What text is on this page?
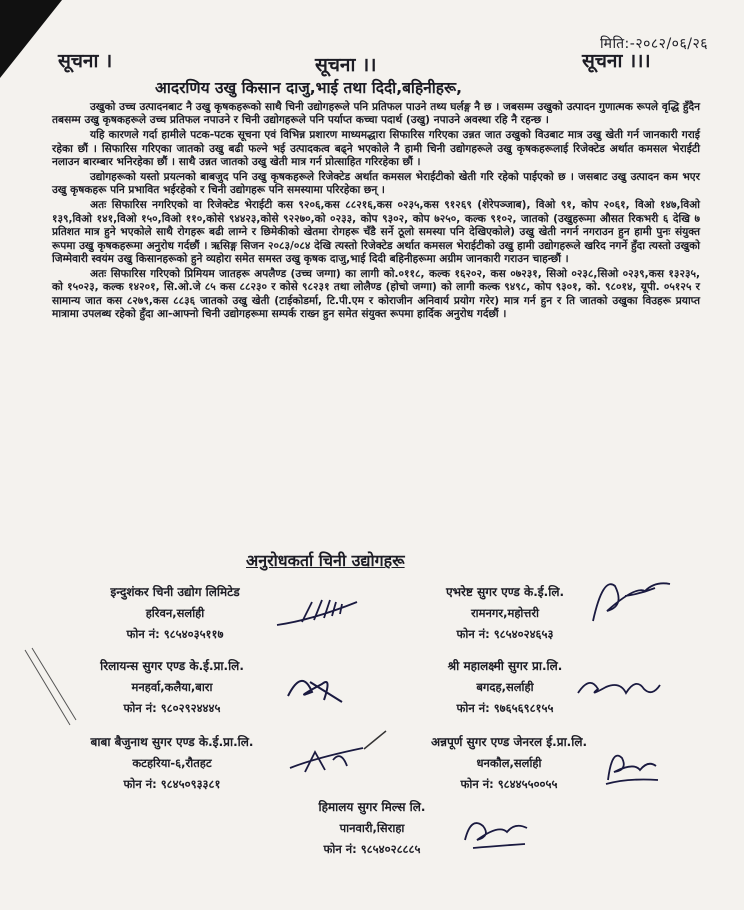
मिति:-२०८२/०६/२६
सूचना ।	सूचना ।।	सूचना ।।।
आदरणिय उखु किसान दाजु,भाई तथा दिदी,बहिनीहरू,

उखुको उच्च उत्पादनबाट नै उखु कृषकहरूको साथै चिनी उद्योगहरूले पनि प्रतिफल पाउने तथ्य घर्लङ्ग नै छ । जबसम्म उखुको उत्पादन गुणात्मक रूपले वृद्धि हुँदैन तबसम्म उखु कृषकहरूले उच्च प्रतिफल नपाउने र चिनी उद्योगहरूले पनि पर्याप्त कच्चा पदार्थ (उखु) नपाउने अवस्था रहि नै रहन्छ ।

यहि कारणले गर्दा हामीले पटक-पटक सूचना एवं विभिन्न प्रशारण माध्यमद्धारा सिफारिस गरिएका उन्नत जात उखुको विउबाट मात्र उखु खेती गर्न जानकारी गराई रहेका छौं । सिफारिस गरिएका जातको उखु बढी फल्ने भई उत्पादकत्व बढ्ने भएकोले नै हामी चिनी उद्योगहरूले उखु कृषकहरूलाई रिजेक्टेड अर्थात कमसल भेराईटी नलाउन बारम्बार भनिरहेका छौं । साथै उन्नत जातको उखु खेती मात्र गर्न प्रोत्साहित गरिरहेका छौं ।

उद्योगहरूको यस्तो प्रयत्नको बाबजुद पनि उखु कृषकहरूले रिजेक्टेड अर्थात कमसल भेराईटीको खेती गरि रहेको पाईएको छ । जसबाट उखु उत्पादन कम भएर उखु कृषकहरू पनि प्रभावित भईरहेको र चिनी उद्योगहरू पनि समस्यामा परिरहेका छन् ।

अतः सिफारिस नगरिएको वा रिजेक्टेड भेराईटी कस ९२०६,कस ८८२१६,कस ०२३५,कस ९१२६९ (शेरेपञ्जाब), विओ ९१, कोप २०६१, विओ १४७,विओ १३९,विओ १४१,विओ १५०,विओ ११०,कोसे ९४४२३,कोसे ९२२७०,को ०२३३, कोप ९३०२, कोप ७२५०, कल्क ९१०२, जातको (उखुहरूमा औसत रिकभरी ६ देखि ७ प्रतिशत मात्र हुने भएकोले साथै रोगहरू बढी लाग्ने र छिमेकीको खेतमा रोगहरू चँडै सर्ने ठूलो समस्या पनि देखिएकोले) उखु खेती नगर्न नगराउन हुन हामी पुनः संयुक्त रूपमा उखु कृषकहरूमा अनुरोध गर्दछौं । ऋसिङ्ग सिजन २०८३/०८४ देखि त्यस्तो रिजेक्टेड अर्थात कमसल भेराईटीको उखु हामी उद्योगहरूले खरिद नगर्ने हुँदा त्यस्तो उखुको जिम्मेवारी स्वयंम उखु किसानहरूको हुने व्यहोरा समेत समस्त उखु कृषक दाजु,भाई दिदी बहिनीहरूमा अग्रीम जानकारी गराउन चाहन्छौं ।

अतः सिफारिस गरिएको प्रिमियम जातहरू अपलैण्ड (उच्च जग्गा) का लागी को.०११८, कल्क १६२०२, कस ०७२३१, सिओ ०२३८,सिओ ०२३९,कस १३२३५, को १५०२३, कल्क १४२०१, सि.ओ.जे ८५ कस ८८२३० र कोसे ९८२३१ तथा लोलैण्ड (होचो जग्गा) को लागी कल्क ९४९८, कोप ९३०१, को. ९८०१४, यूपी. ०५१२५ र सामान्य जात कस ८२७९,कस ८८३६ जातको उखु खेती (टाईकोडर्मा, टि.पी.एम र कोराजीन अनिवार्य प्रयोग गरेर) मात्र गर्न हुन र ति जातको उखुका विउहरू प्रयाप्त मात्रामा उपलब्ध रहेको हुँदा आ-आफ्नो चिनी उद्योगहरूमा सम्पर्क राख्न हुन समेत संयुक्त रूपमा हार्दिक अनुरोध गर्दछौं ।

अनुरोधकर्ता चिनी उद्योगहरू
इन्दुशंकर चिनी उद्योग लिमिटेड
हरिवन,सर्लाही
फोन नं: ९८५४०३५११७
एभरेष्ट सुगर एण्ड के.ई.लि.
रामनगर,महोत्तरी
फोन नं: ९८५४०२४६५३
रिलायन्स सुगर एण्ड के.ई.प्रा.लि.
मनहर्वा,कलैया,बारा
फोन नं: ९८०२९२४४४५
श्री महालक्ष्मी सुगर प्रा.लि.
बगदह,सर्लाही
फोन नं: ९७६५६९८१५५
बाबा बैजुनाथ सुगर एण्ड के.ई.प्रा.लि.
कटहरिया-६,रौतहट
फोन नं: ९८४५०९३३८१
अन्नपूर्ण सुगर एण्ड जेनरल ई.प्रा.लि.
धनकौल,सर्लाही
फोन नं: ९८४४५५००५५
हिमालय सुगर मिल्स लि.
पानवारी,सिराहा
फोन नं: ९८५४०२८८८५
